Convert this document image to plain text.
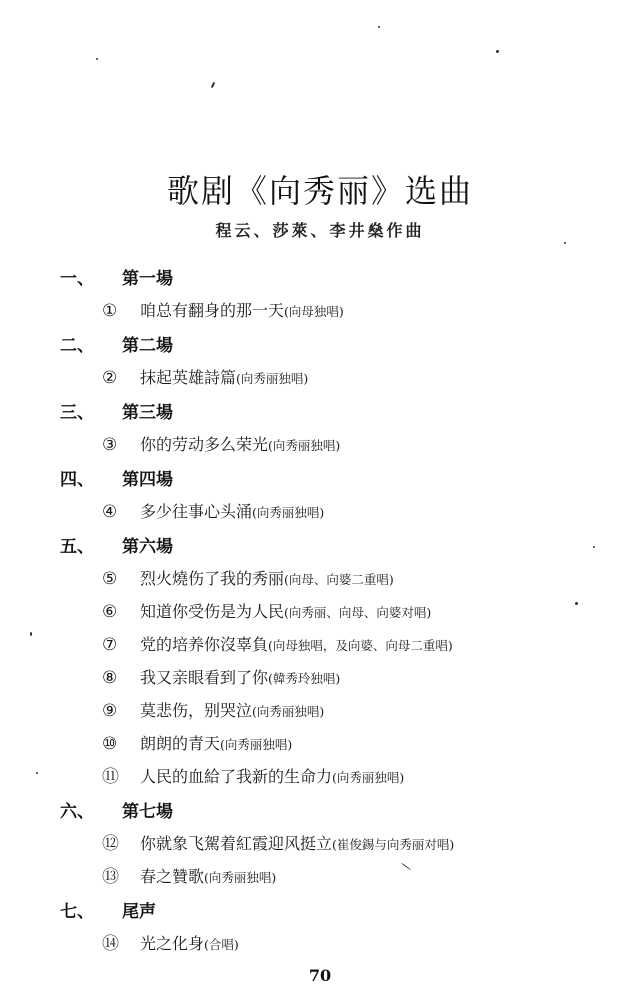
歌剧《向秀丽》选曲
程云、莎萊、李井燊作曲
一、 第一場
① 咱总有翻身的那一天(向母独唱)
二、 第二場
② 抹起英雄詩篇(向秀丽独唱)
三、 第三場
③ 你的劳动多么荣光(向秀丽独唱)
四、 第四場
④ 多少往事心头涌(向秀丽独唱)
五、 第六場
⑤ 烈火燒伤了我的秀丽(向母、向婆二重唱)
⑥ 知道你受伤是为人民(向秀丽、向母、向婆对唱)
⑦ 党的培养你沒辜負(向母独唱，及向婆、向母二重唱)
⑧ 我又亲眼看到了你(韓秀玲独唱)
⑨ 莫悲伤，别哭泣(向秀丽独唱)
⑩ 朗朗的青天(向秀丽独唱)
⑪ 人民的血給了我新的生命力(向秀丽独唱)
六、 第七場
⑫ 你就象飞駕着紅霞迎风挺立(崔俊錫与向秀丽对唱)
⑬ 春之贊歌(向秀丽独唱)
七、 尾声
⑭ 光之化身(合唱)
70
